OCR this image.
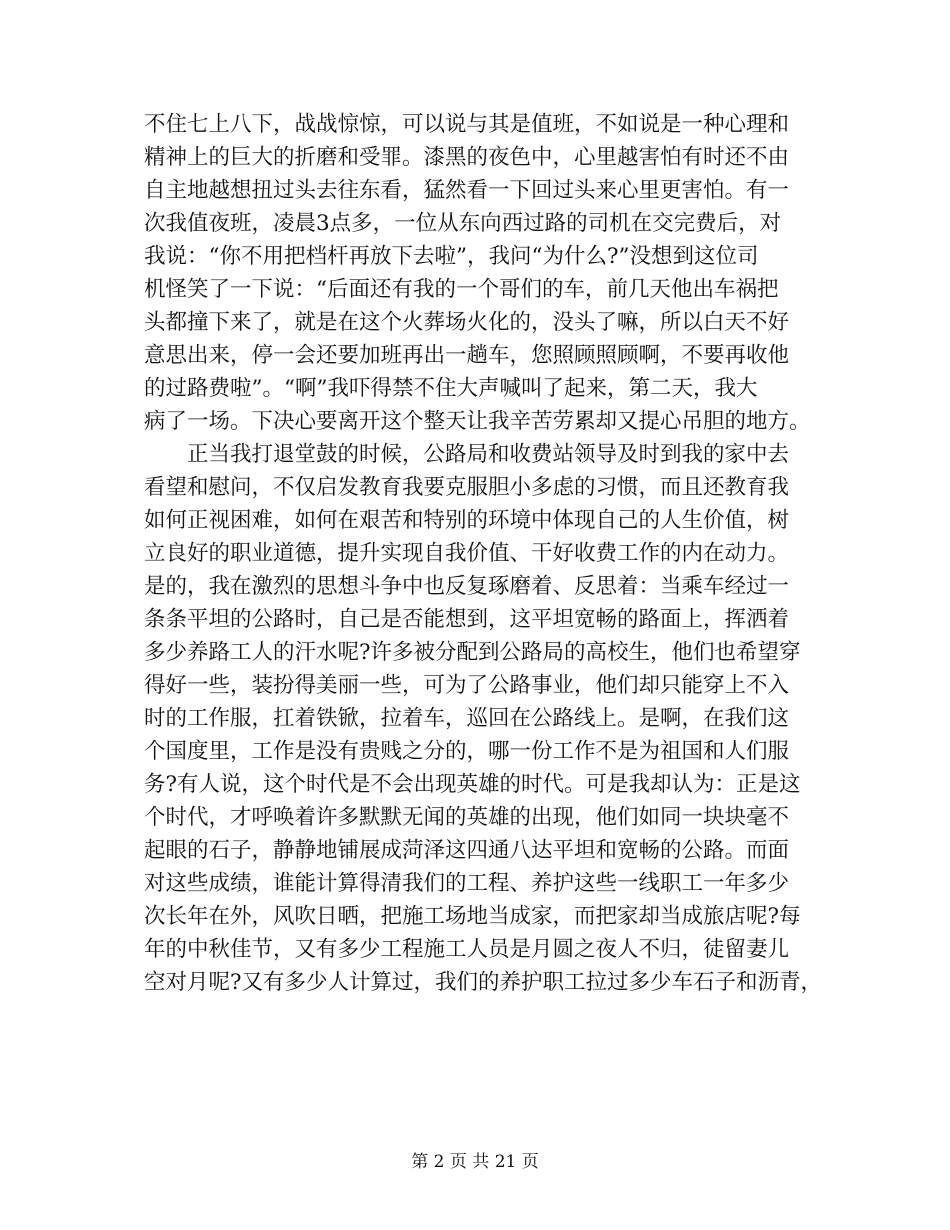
不住七上八下，战战惊惊，可以说与其是值班，不如说是一种心理和
精神上的巨大的折磨和受罪。漆黑的夜色中，心里越害怕有时还不由
自主地越想扭过头去往东看，猛然看一下回过头来心里更害怕。有一
次我值夜班，凌晨3点多，一位从东向西过路的司机在交完费后，对
我说：“你不用把档杆再放下去啦”，我问“为什么?”没想到这位司
机怪笑了一下说：“后面还有我的一个哥们的车，前几天他出车祸把
头都撞下来了，就是在这个火葬场火化的，没头了嘛，所以白天不好
意思出来，停一会还要加班再出一趟车，您照顾照顾啊，不要再收他
的过路费啦”。“啊”我吓得禁不住大声喊叫了起来，第二天，我大
病了一场。下决心要离开这个整天让我辛苦劳累却又提心吊胆的地方。
　　正当我打退堂鼓的时候，公路局和收费站领导及时到我的家中去
看望和慰问，不仅启发教育我要克服胆小多虑的习惯，而且还教育我
如何正视困难，如何在艰苦和特别的环境中体现自己的人生价值，树
立良好的职业道德，提升实现自我价值、干好收费工作的内在动力。
是的，我在激烈的思想斗争中也反复琢磨着、反思着：当乘车经过一
条条平坦的公路时，自己是否能想到，这平坦宽畅的路面上，挥洒着
多少养路工人的汗水呢?许多被分配到公路局的高校生，他们也希望穿
得好一些，装扮得美丽一些，可为了公路事业，他们却只能穿上不入
时的工作服，扛着铁锨，拉着车，巡回在公路线上。是啊，在我们这
个国度里，工作是没有贵贱之分的，哪一份工作不是为祖国和人们服
务?有人说，这个时代是不会出现英雄的时代。可是我却认为：正是这
个时代，才呼唤着许多默默无闻的英雄的出现，他们如同一块块毫不
起眼的石子，静静地铺展成菏泽这四通八达平坦和宽畅的公路。而面
对这些成绩，谁能计算得清我们的工程、养护这些一线职工一年多少
次长年在外，风吹日晒，把施工场地当成家，而把家却当成旅店呢?每
年的中秋佳节，又有多少工程施工人员是月圆之夜人不归，徒留妻儿
空对月呢?又有多少人计算过，我们的养护职工拉过多少车石子和沥青，
第 2 页 共 21 页
